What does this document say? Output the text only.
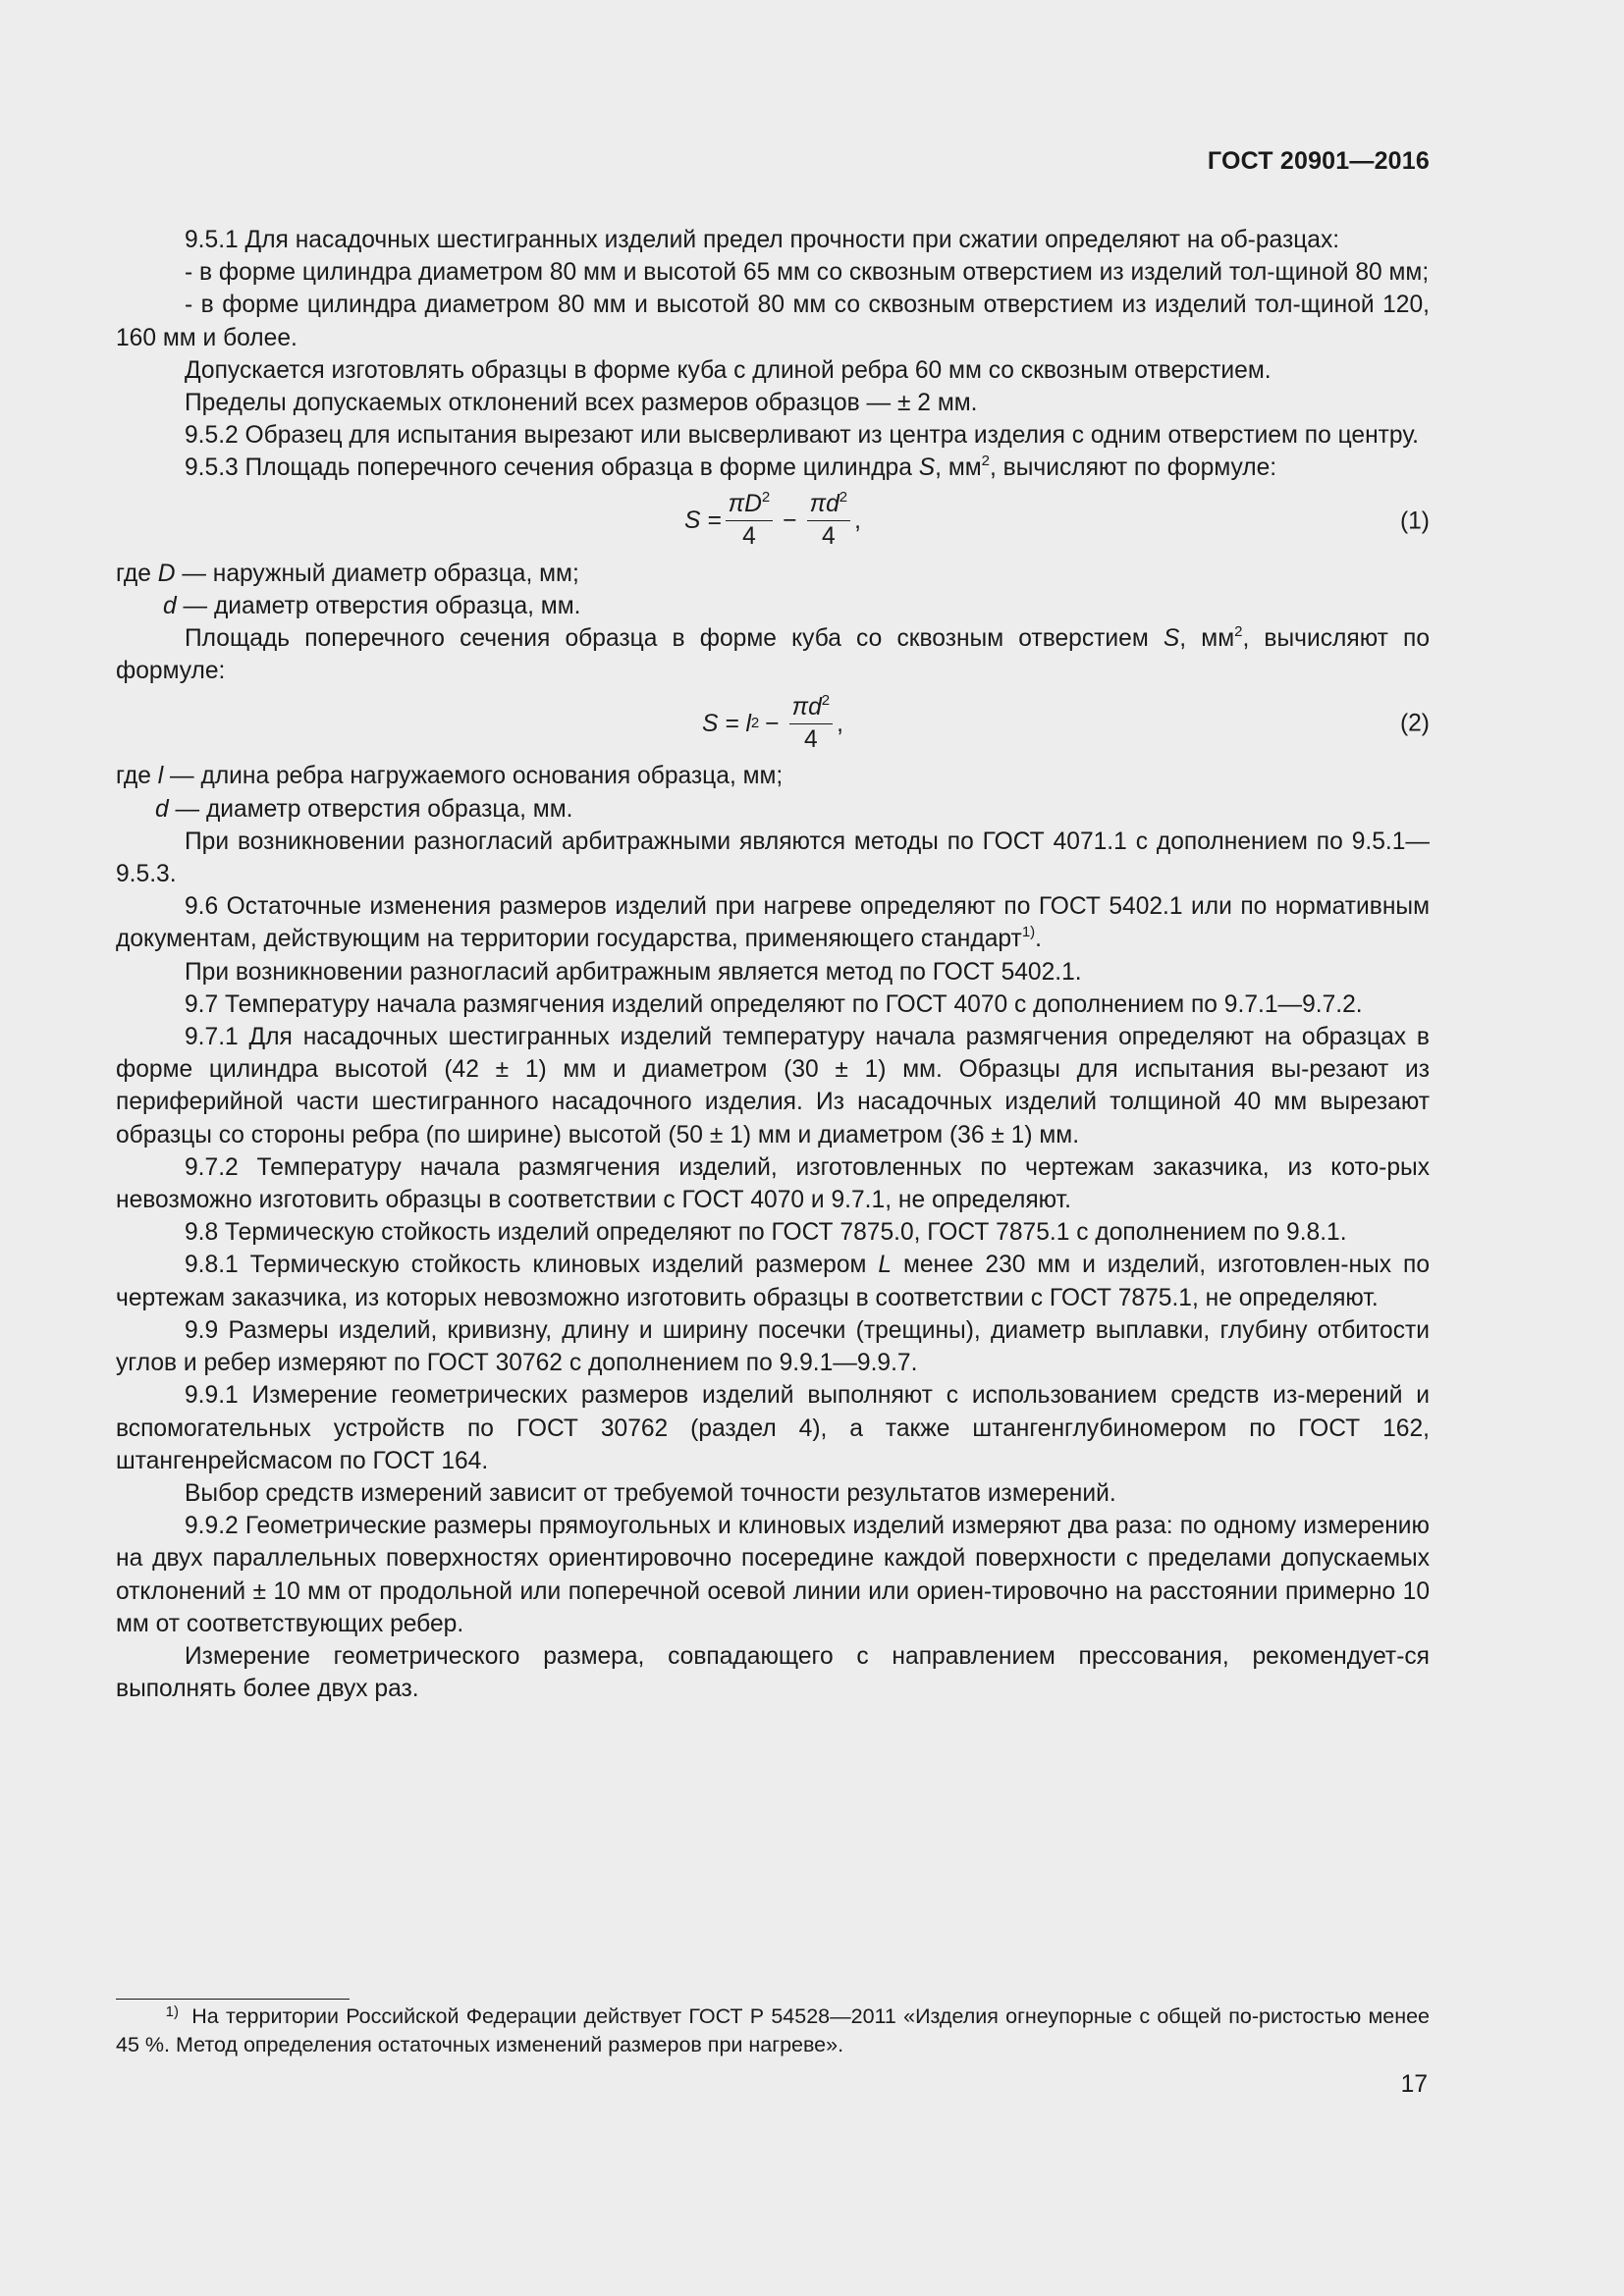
ГОСТ 20901—2016

9.5.1 Для насадочных шестигранных изделий предел прочности при сжатии определяют на об-разцах:

- в форме цилиндра диаметром 80 мм и высотой 65 мм со сквозным отверстием из изделий тол-щиной 80 мм;

- в форме цилиндра диаметром 80 мм и высотой 80 мм со сквозным отверстием из изделий тол-щиной 120, 160 мм и более.

Допускается изготовлять образцы в форме куба с длиной ребра 60 мм со сквозным отверстием.

Пределы допускаемых отклонений всех размеров образцов — ± 2 мм.

9.5.2 Образец для испытания вырезают или высверливают из центра изделия с одним отверстием по центру.

9.5.3 Площадь поперечного сечения образца в форме цилиндра S, $мм^2$, вычисляют по формуле:

$S = \frac{\pi D^2}{4} - \frac{\pi d^2}{4}$ ,	(1)

где D — наружный диаметр образца, мм;

d — диаметр отверстия образца, мм.

Площадь поперечного сечения образца в форме куба со сквозным отверстием S, $мм^2$, вычисляют по формуле:

S =
l $2 - \frac{\pi d^2}{4}$ ,	(2)

где l — длина ребра нагружаемого основания образца, мм;

d — диаметр отверстия образца, мм.

При возникновении разногласий арбитражными являются методы по ГОСТ 4071.1 с дополнением по 9.5.1—9.5.3.

9.6 Остаточные изменения размеров изделий при нагреве определяют по ГОСТ 5402.1 или по нормативным документам, действующим на территории государства, применяющего стандарт$^{1)}$.

При возникновении разногласий арбитражным является метод по ГОСТ 5402.1.

9.7 Температуру начала размягчения изделий определяют по ГОСТ 4070 с дополнением по 9.7.1—9.7.2.

9.7.1 Для насадочных шестигранных изделий температуру начала размягчения определяют на образцах в форме цилиндра высотой (42 ± 1) мм и диаметром (30 ± 1) мм. Образцы для испытания вы-резают из периферийной части шестигранного насадочного изделия. Из насадочных изделий толщиной 40 мм вырезают образцы со стороны ребра (по ширине) высотой (50 ± 1) мм и диаметром (36 ± 1) мм.

9.7.2 Температуру начала размягчения изделий, изготовленных по чертежам заказчика, из кото-рых невозможно изготовить образцы в соответствии с ГОСТ 4070 и 9.7.1, не определяют.

9.8 Термическую стойкость изделий определяют по ГОСТ 7875.0, ГОСТ 7875.1 с дополнением по 9.8.1.

9.8.1 Термическую стойкость клиновых изделий размером L менее 230 мм и изделий, изготовлен-ных по чертежам заказчика, из которых невозможно изготовить образцы в соответствии с ГОСТ 7875.1, не определяют.

9.9 Размеры изделий, кривизну, длину и ширину посечки (трещины), диаметр выплавки, глубину отбитости углов и ребер измеряют по ГОСТ 30762 с дополнением по 9.9.1—9.9.7.

9.9.1 Измерение геометрических размеров изделий выполняют с использованием средств из-мерений и вспомогательных устройств по ГОСТ 30762 (раздел 4), а также штангенглубиномером по ГОСТ 162, штангенрейсмасом по ГОСТ 164.

Выбор средств измерений зависит от требуемой точности результатов измерений.

9.9.2 Геометрические размеры прямоугольных и клиновых изделий измеряют два раза: по одному измерению на двух параллельных поверхностях ориентировочно посередине каждой поверхности с пределами допускаемых отклонений ± 10 мм от продольной или поперечной осевой линии или ориен-тировочно на расстоянии примерно 10 мм от соответствующих ребер.

Измерение геометрического размера, совпадающего с направлением прессования, рекомендует-ся выполнять более двух раз.

$^{1)}$ На территории Российской Федерации действует ГОСТ Р 54528—2011 «Изделия огнеупорные с общей по-ристостью менее 45 %. Метод определения остаточных изменений размеров при нагреве».
17
